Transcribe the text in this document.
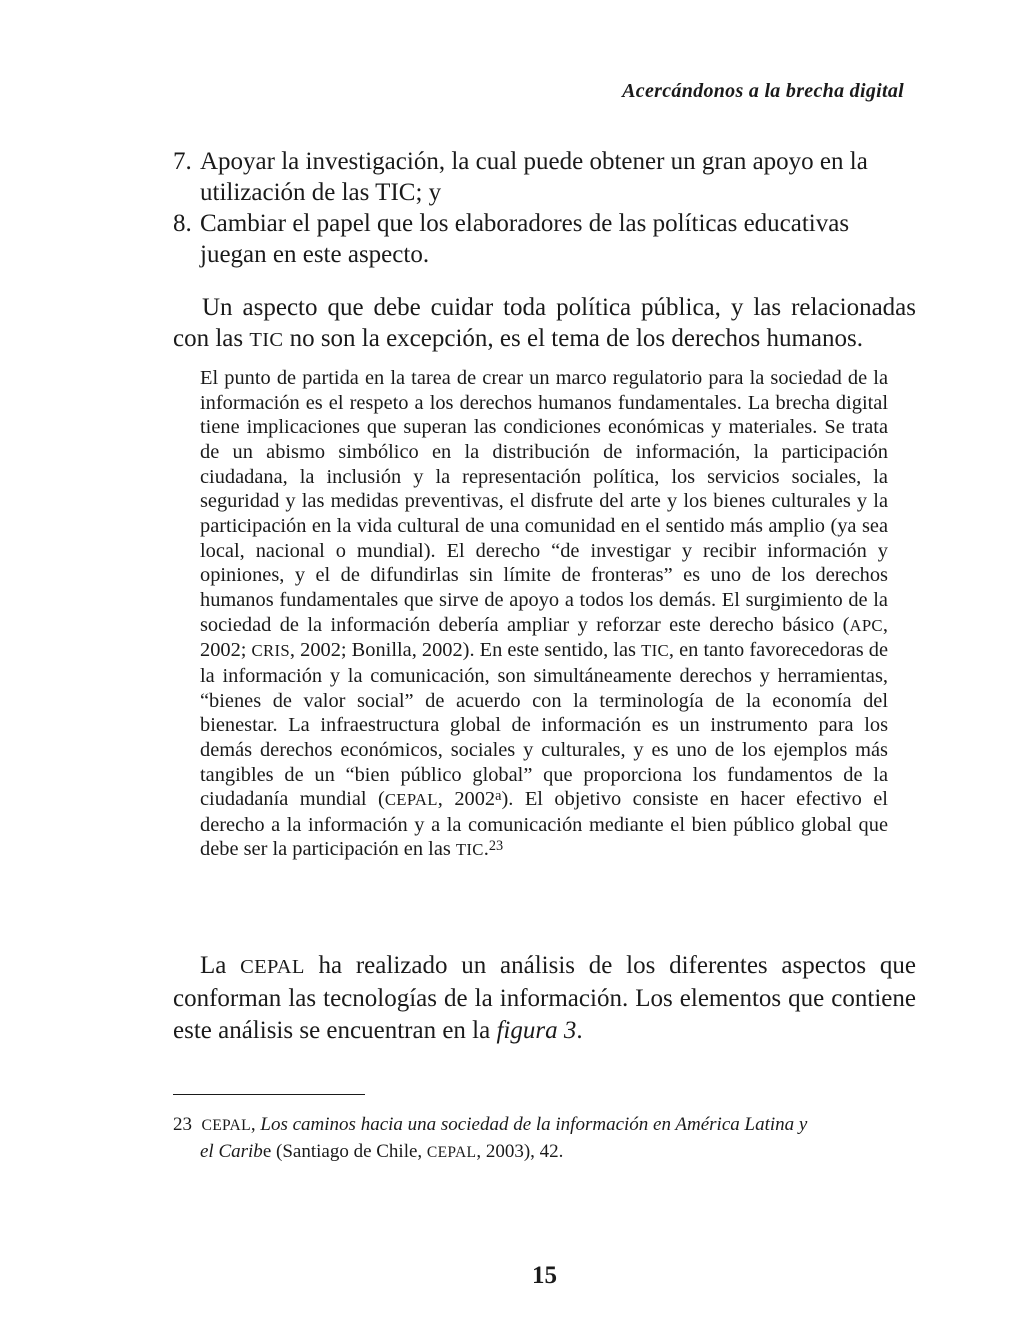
Acercándonos a la brecha digital
7. Apoyar la investigación, la cual puede obtener un gran apoyo en la utilización de las TIC; y
8. Cambiar el papel que los elaboradores de las políticas educativas juegan en este aspecto.

Un aspecto que debe cuidar toda política pública, y las relacionadas con las TIC no son la excepción, es el tema de los derechos humanos.

El punto de partida en la tarea de crear un marco regulatorio para la sociedad de la información es el respeto a los derechos humanos fundamentales. La brecha digital tiene implicaciones que superan las condiciones económicas y materiales. Se trata de un abismo simbólico en la distribución de información, la participación ciudadana, la inclusión y la representación política, los servicios sociales, la seguridad y las medidas preventivas, el disfrute del arte y los bienes culturales y la participación en la vida cultural de una comunidad en el sentido más amplio (ya sea local, nacional o mundial). El derecho “de investigar y recibir información y opiniones, y el de difundirlas sin límite de fronteras” es uno de los derechos humanos fundamentales que sirve de apoyo a todos los demás. El surgimiento de la sociedad de la información debería ampliar y reforzar este derecho básico (APC, 2002; CRIS, 2002; Bonilla, 2002). En este sentido, las TIC, en tanto favorecedoras de la información y la comunicación, son simultáneamente derechos y herramientas, “bienes de valor social” de acuerdo con la terminología de la economía del bienestar. La infraestructura global de información es un instrumento para los demás derechos económicos, sociales y culturales, y es uno de los ejemplos más tangibles de un “bien público global” que proporciona los fundamentos de la ciudadanía mundial (CEPAL, 2002$^a$). El objetivo consiste en hacer efectivo el derecho a la información y a la comunicación mediante el bien público global que debe ser la participación en las TIC.$^{23}$

La CEPAL ha realizado un análisis de los diferentes aspectos que conforman las tecnologías de la información. Los elementos que contiene este análisis se encuentran en la figura 3.

23 CEPAL, Los caminos hacia una sociedad de la información en América Latina y
el Caribe (Santiago de Chile, CEPAL, 2003), 42.
15
